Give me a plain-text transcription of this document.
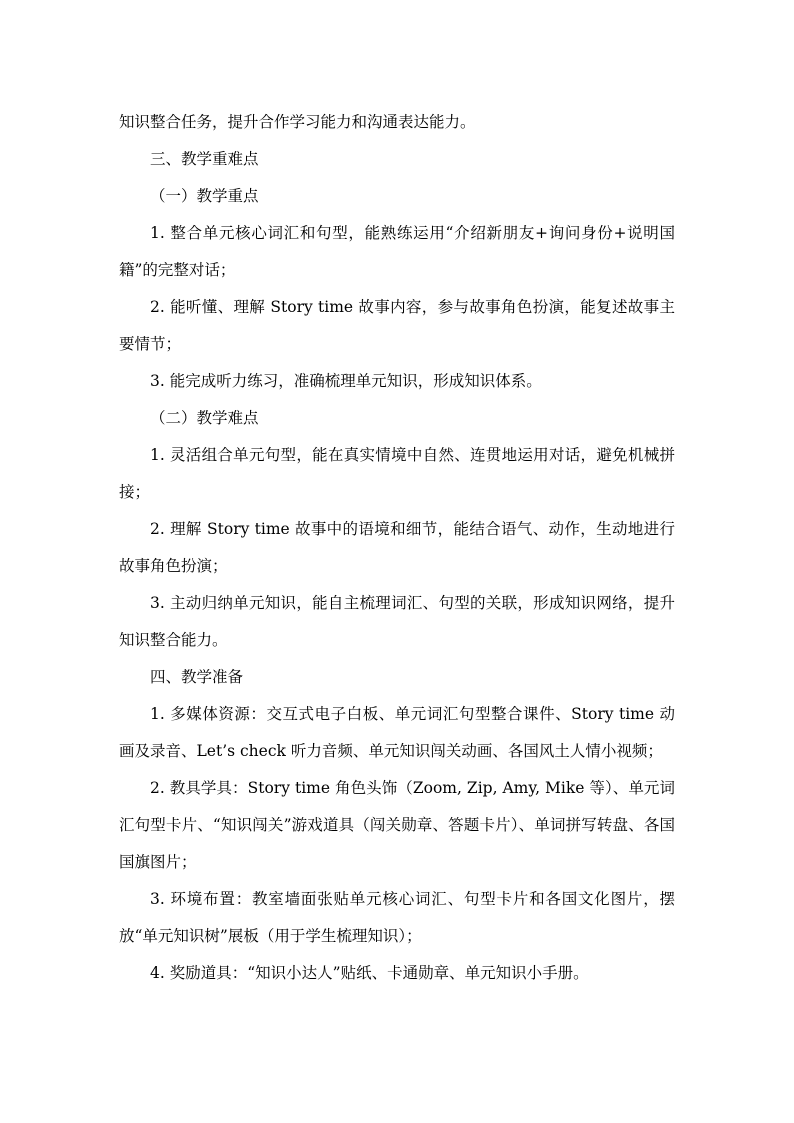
知识整合任务，提升合作学习能力和沟通表达能力。

三、教学重难点

（一）教学重点

1. 整合单元核心词汇和句型，能熟练运用“介绍新朋友+询问身份+说明国籍”的完整对话；

2. 能听懂、理解 Story time 故事内容，参与故事角色扮演，能复述故事主要情节；

3. 能完成听力练习，准确梳理单元知识，形成知识体系。

（二）教学难点

1. 灵活组合单元句型，能在真实情境中自然、连贯地运用对话，避免机械拼接；

2. 理解 Story time 故事中的语境和细节，能结合语气、动作，生动地进行故事角色扮演；

3. 主动归纳单元知识，能自主梳理词汇、句型的关联，形成知识网络，提升知识整合能力。

四、教学准备

1. 多媒体资源：交互式电子白板、单元词汇句型整合课件、Story time 动画及录音、Let’s check 听力音频、单元知识闯关动画、各国风土人情小视频；

2. 教具学具：Story time 角色头饰（Zoom, Zip, Amy, Mike 等）、单元词汇句型卡片、“知识闯关”游戏道具（闯关勋章、答题卡片）、单词拼写转盘、各国国旗图片；

3. 环境布置：教室墙面张贴单元核心词汇、句型卡片和各国文化图片，摆放“单元知识树”展板（用于学生梳理知识）；

4. 奖励道具：“知识小达人”贴纸、卡通勋章、单元知识小手册。
